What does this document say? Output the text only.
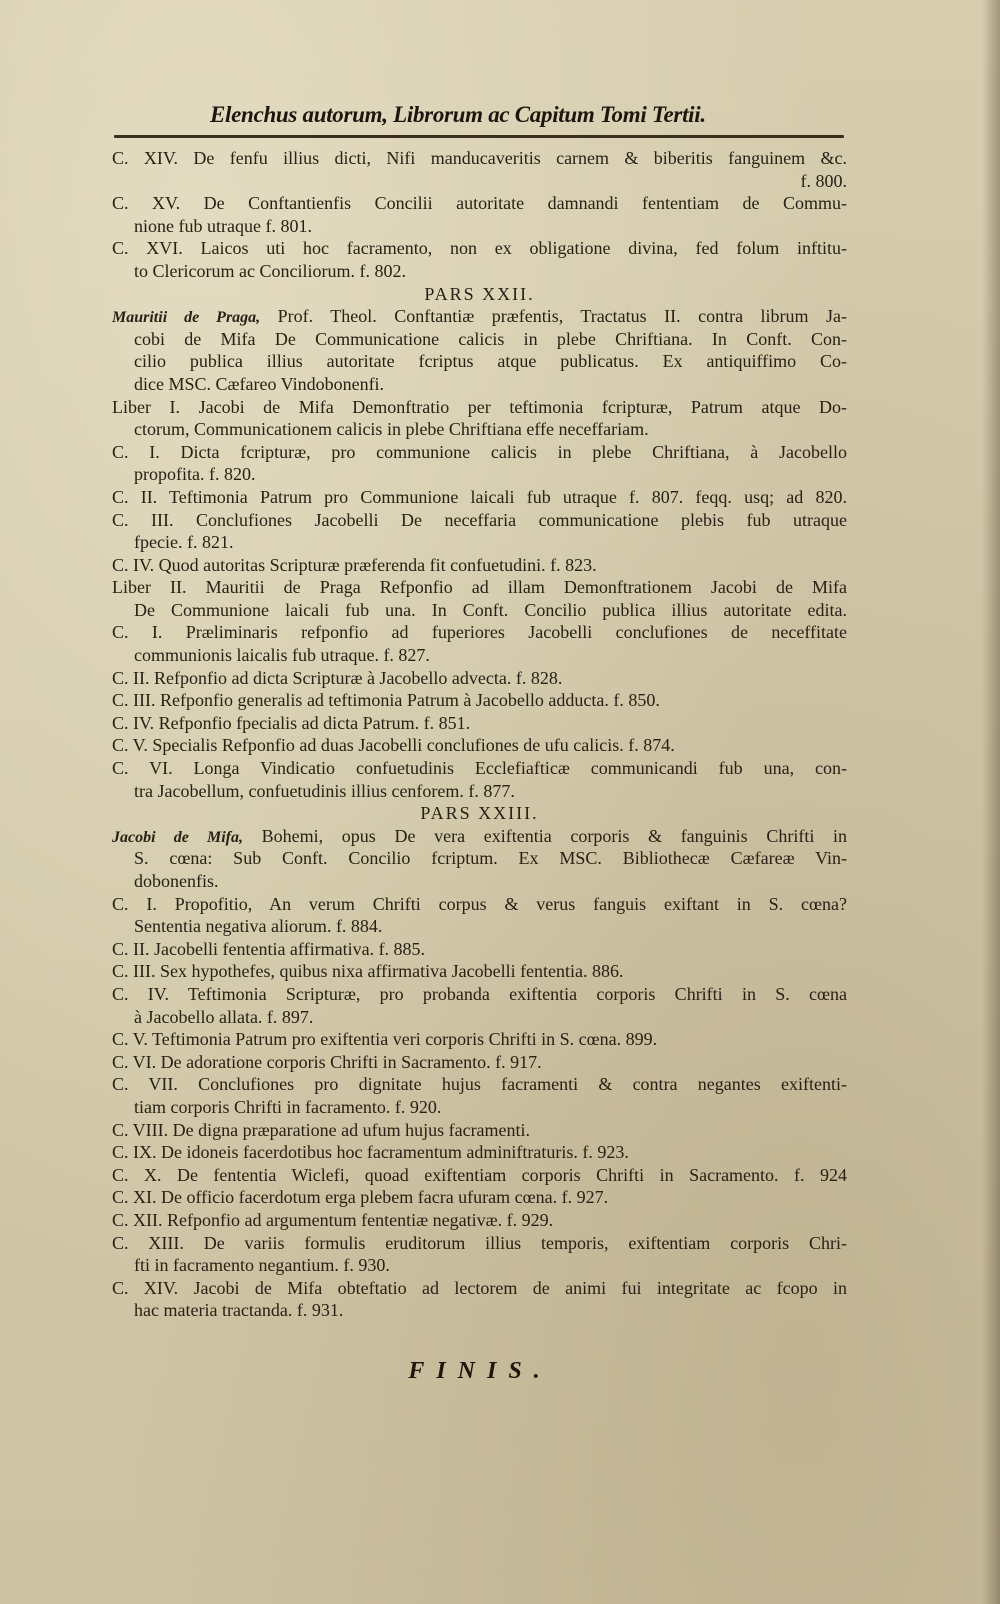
Elenchus autorum, Librorum ac Capitum Tomi Tertii.
C. XIV. De fenfu illius dicti, Nifi manducaveritis carnem & biberitis fanguinem &c.
f. 800.
C. XV. De Conftantienfis Concilii autoritate damnandi fententiam de Commu-
nione fub utraque f. 801.
C. XVI. Laicos uti hoc facramento, non ex obligatione divina, fed folum inftitu-
to Clericorum ac Conciliorum. f. 802.
PARS XXII.
Mauritii de Praga, Prof. Theol. Conftantiæ præfentis, Tractatus II. contra librum Ja-
cobi de Mifa De Communicatione calicis in plebe Chriftiana. In Conft. Con-
cilio publica illius autoritate fcriptus atque publicatus. Ex antiquiffimo Co-
dice MSC. Cæfareo Vindobonenfi.
Liber I. Jacobi de Mifa Demonftratio per teftimonia fcripturæ, Patrum atque Do-
ctorum, Communicationem calicis in plebe Chriftiana effe neceffariam.
C. I. Dicta fcripturæ, pro communione calicis in plebe Chriftiana, à Jacobello
propofita. f. 820.
C. II. Teftimonia Patrum pro Communione laicali fub utraque f. 807. feqq. usq; ad 820.
C. III. Conclufiones Jacobelli De neceffaria communicatione plebis fub utraque
fpecie. f. 821.
C. IV. Quod autoritas Scripturæ præferenda fit confuetudini. f. 823.
Liber II. Mauritii de Praga Refponfio ad illam Demonftrationem Jacobi de Mifa
De Communione laicali fub una. In Conft. Concilio publica illius autoritate edita.
C. I. Præliminaris refponfio ad fuperiores Jacobelli conclufiones de neceffitate
communionis laicalis fub utraque. f. 827.
C. II. Refponfio ad dicta Scripturæ à Jacobello advecta. f. 828.
C. III. Refponfio generalis ad teftimonia Patrum à Jacobello adducta. f. 850.
C. IV. Refponfio fpecialis ad dicta Patrum. f. 851.
C. V. Specialis Refponfio ad duas Jacobelli conclufiones de ufu calicis. f. 874.
C. VI. Longa Vindicatio confuetudinis Ecclefiafticæ communicandi fub una, con-
tra Jacobellum, confuetudinis illius cenforem. f. 877.
PARS XXIII.
Jacobi de Mifa, Bohemi, opus De vera exiftentia corporis & fanguinis Chrifti in
S. cœna: Sub Conft. Concilio fcriptum. Ex MSC. Bibliothecæ Cæfareæ Vin-
dobonenfis.
C. I. Propofitio, An verum Chrifti corpus & verus fanguis exiftant in S. cœna?
Sententia negativa aliorum. f. 884.
C. II. Jacobelli fententia affirmativa. f. 885.
C. III. Sex hypothefes, quibus nixa affirmativa Jacobelli fententia. 886.
C. IV. Teftimonia Scripturæ, pro probanda exiftentia corporis Chrifti in S. cœna
à Jacobello allata. f. 897.
C. V. Teftimonia Patrum pro exiftentia veri corporis Chrifti in S. cœna. 899.
C. VI. De adoratione corporis Chrifti in Sacramento. f. 917.
C. VII. Conclufiones pro dignitate hujus facramenti & contra negantes exiftenti-
tiam corporis Chrifti in facramento. f. 920.
C. VIII. De digna præparatione ad ufum hujus facramenti.
C. IX. De idoneis facerdotibus hoc facramentum adminiftraturis. f. 923.
C. X. De fententia Wiclefi, quoad exiftentiam corporis Chrifti in Sacramento. f. 924
C. XI. De officio facerdotum erga plebem facra ufuram cœna. f. 927.
C. XII. Refponfio ad argumentum fententiæ negativæ. f. 929.
C. XIII. De variis formulis eruditorum illius temporis, exiftentiam corporis Chri-
fti in facramento negantium. f. 930.
C. XIV. Jacobi de Mifa obteftatio ad lectorem de animi fui integritate ac fcopo in
hac materia tractanda. f. 931.
FINIS.
